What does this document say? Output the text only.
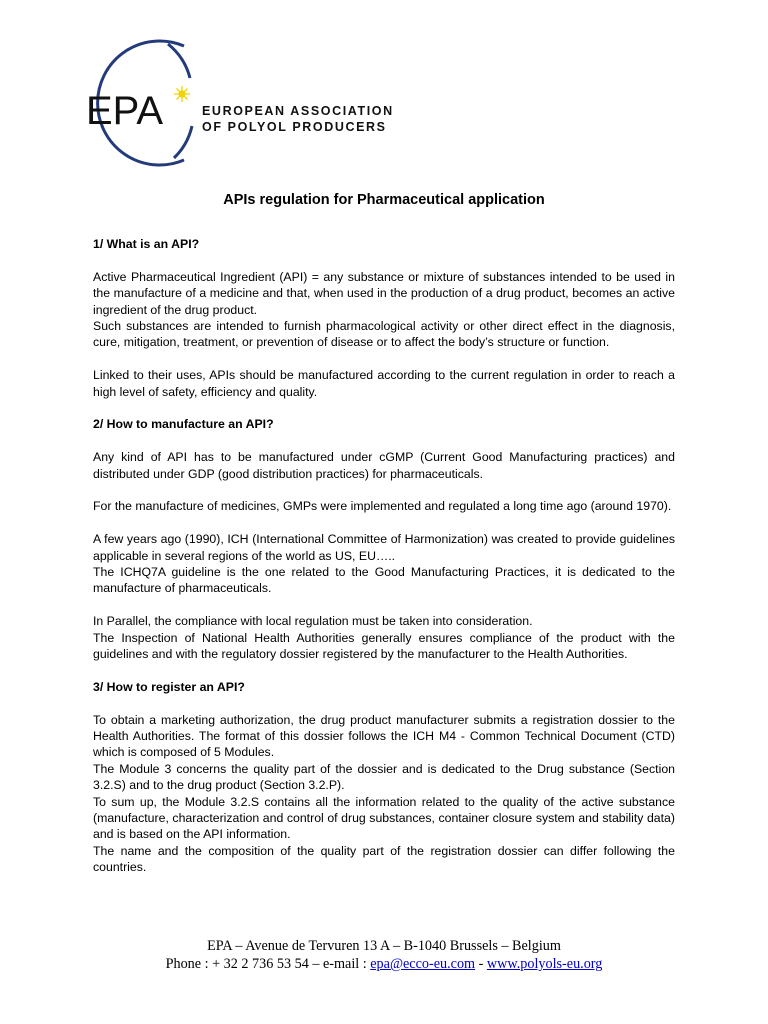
EPA	EUROPEAN ASSOCIATION
OF POLYOL PRODUCERS
APIs regulation for Pharmaceutical application

1/ What is an API?

Active Pharmaceutical Ingredient (API) = any substance or mixture of substances intended to be used in the manufacture of a medicine and that, when used in the production of a drug product, becomes an active ingredient of the drug product.

Such substances are intended to furnish pharmacological activity or other direct effect in the diagnosis, cure, mitigation, treatment, or prevention of disease or to affect the body’s structure or function.

Linked to their uses, APIs should be manufactured according to the current regulation in order to reach a high level of safety, efficiency and quality.

2/ How to manufacture an API?

Any kind of API has to be manufactured under cGMP (Current Good Manufacturing practices) and distributed under GDP (good distribution practices) for pharmaceuticals.

For the manufacture of medicines, GMPs were implemented and regulated a long time ago (around 1970).

A few years ago (1990), ICH (International Committee of Harmonization) was created to provide guidelines applicable in several regions of the world as US, EU…..

The ICHQ7A guideline is the one related to the Good Manufacturing Practices, it is dedicated to the manufacture of pharmaceuticals.

In Parallel, the compliance with local regulation must be taken into consideration.

The Inspection of National Health Authorities generally ensures compliance of the product with the guidelines and with the regulatory dossier registered by the manufacturer to the Health Authorities.

3/ How to register an API?

To obtain a marketing authorization, the drug product manufacturer submits a registration dossier to the Health Authorities. The format of this dossier follows the ICH M4 - Common Technical Document (CTD) which is composed of 5 Modules.

The Module 3 concerns the quality part of the dossier and is dedicated to the Drug substance (Section 3.2.S) and to the drug product (Section 3.2.P).

To sum up, the Module 3.2.S contains all the information related to the quality of the active substance (manufacture, characterization and control of drug substances, container closure system and stability data) and is based on the API information.

The name and the composition of the quality part of the registration dossier can differ following the countries.

EPA – Avenue de Tervuren 13 A – B-1040 Brussels – Belgium
Phone : + 32 2 736 53 54 – e-mail : epa@ecco-eu.com - www.polyols-eu.org
